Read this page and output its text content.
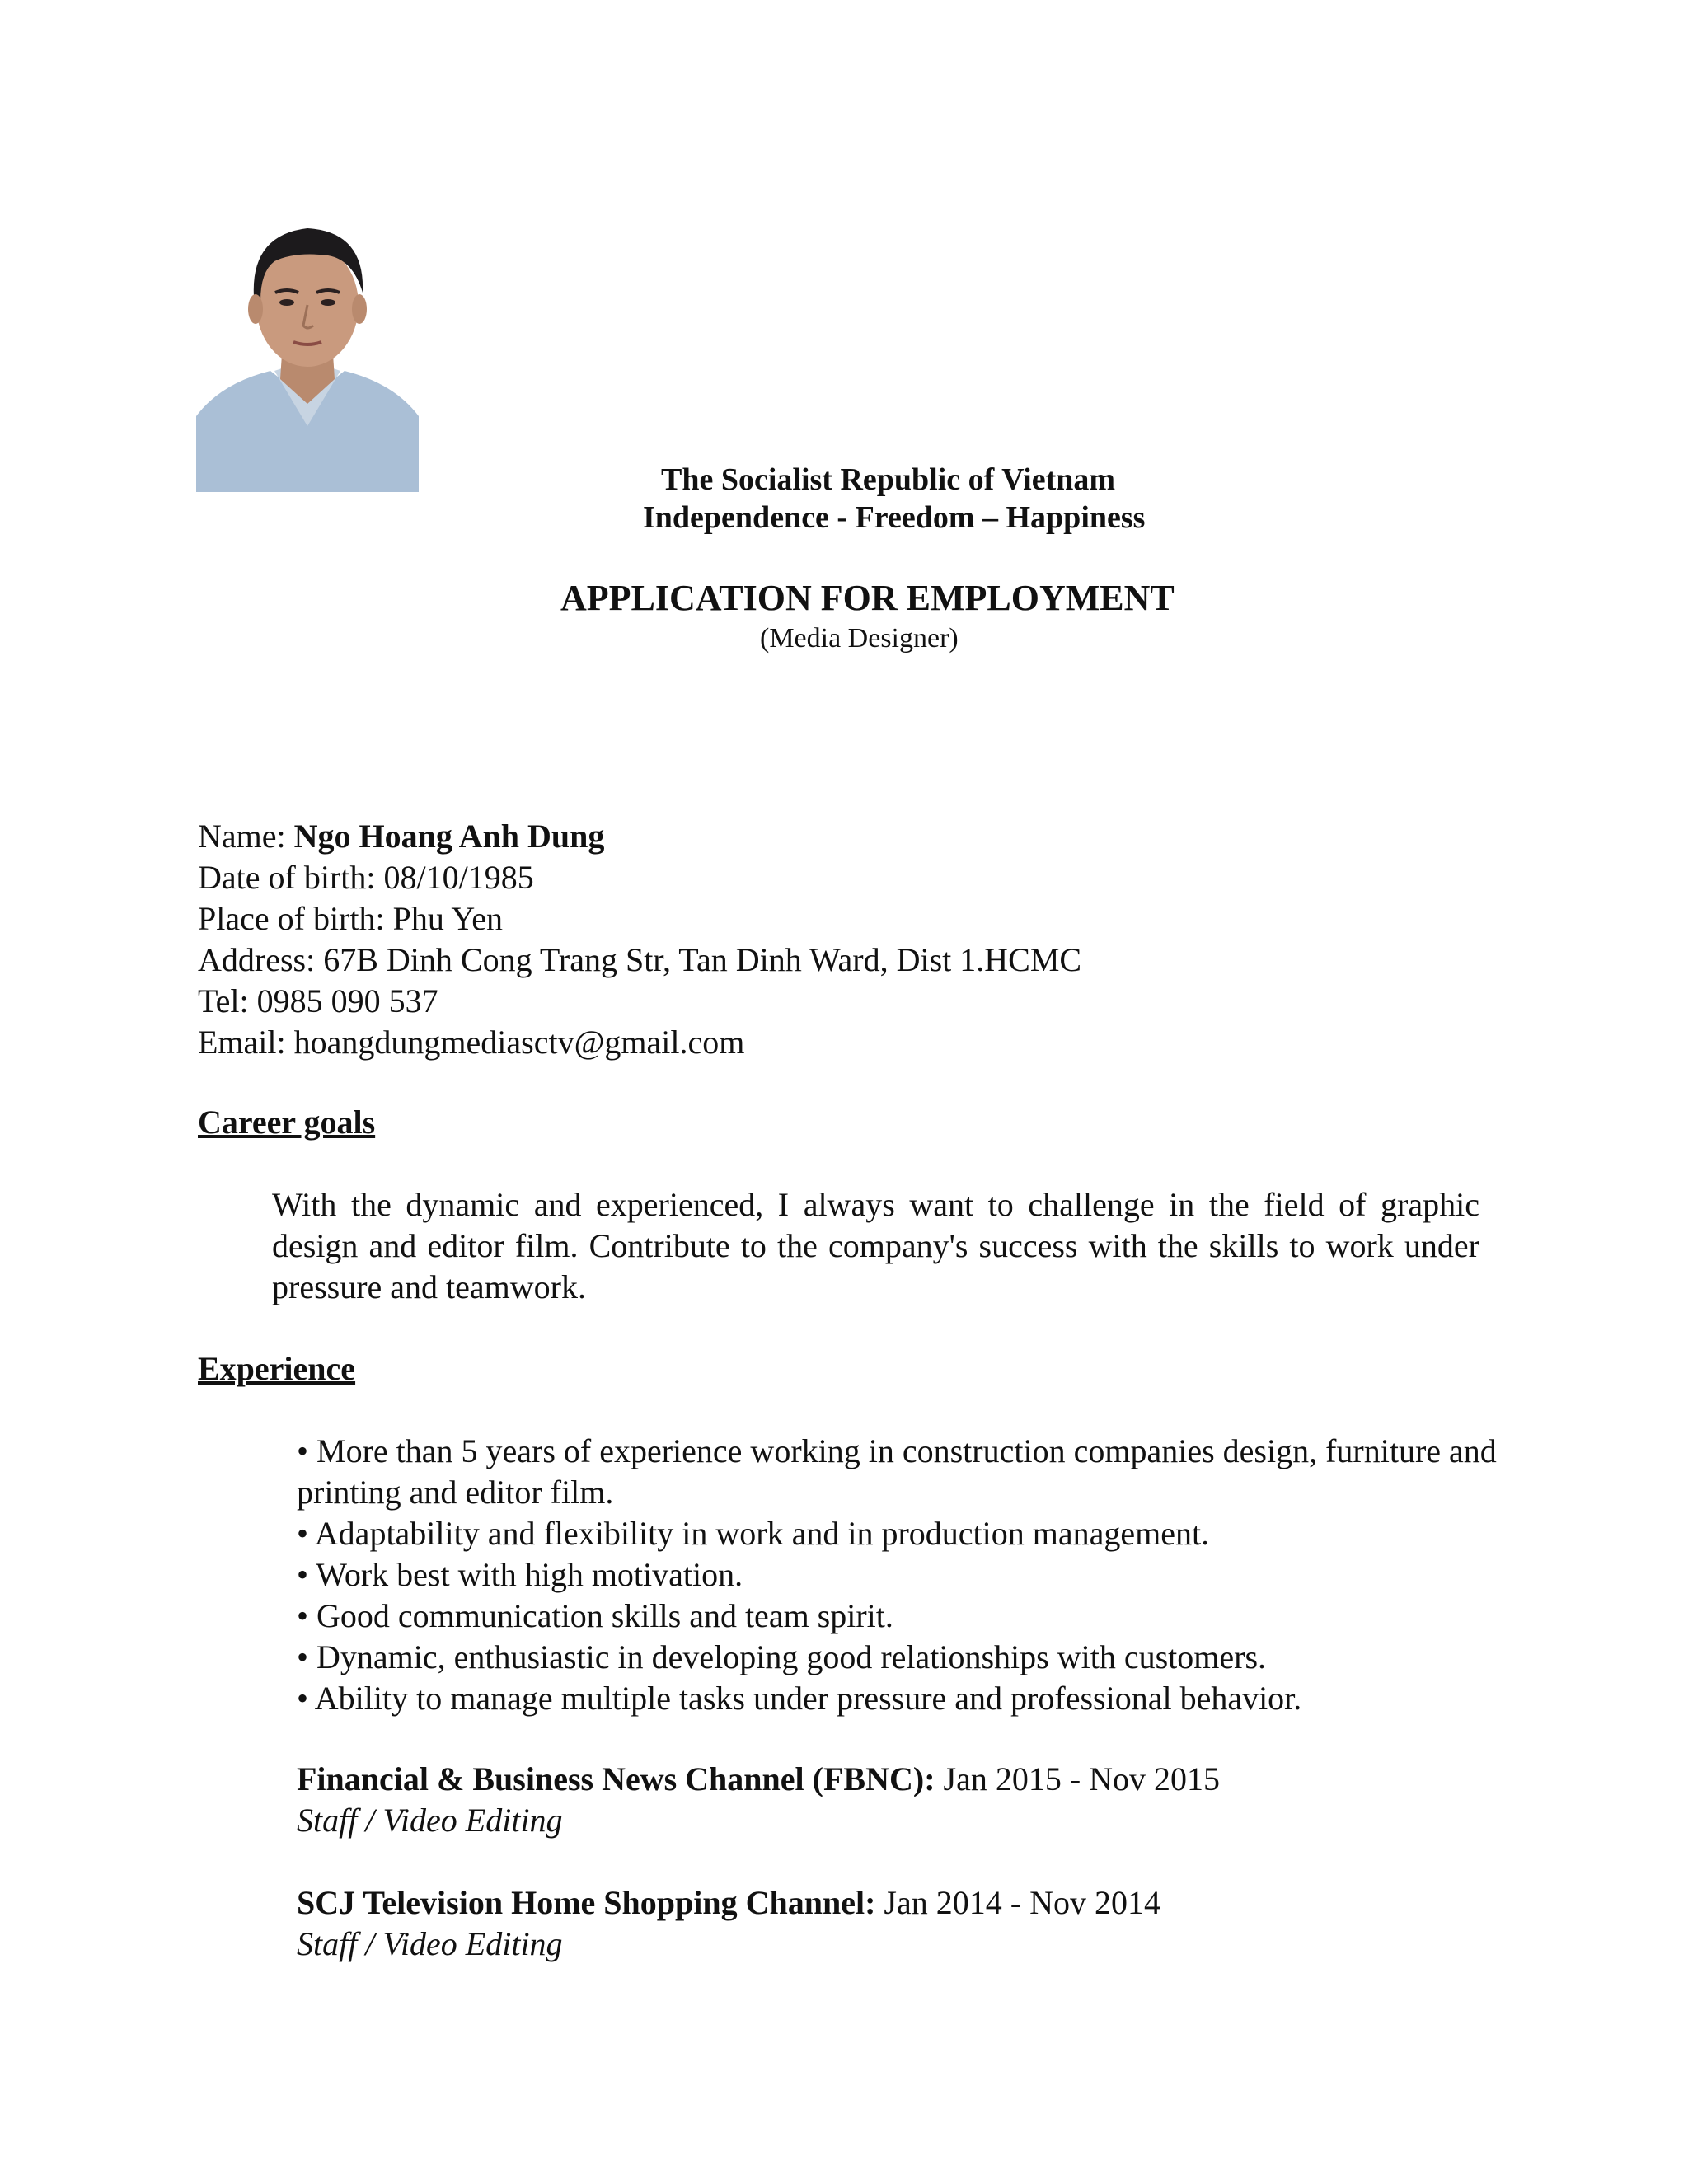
The Socialist Republic of Vietnam
Independence - Freedom – Happiness
APPLICATION FOR EMPLOYMENT
(Media Designer)
Name: Ngo Hoang Anh Dung
Date of birth: 08/10/1985
Place of birth: Phu Yen
Address: 67B Dinh Cong Trang Str, Tan Dinh Ward, Dist 1.HCMC
Tel: 0985 090 537
Email: hoangdungmediasctv@gmail.com
Career goals
With the dynamic and experienced, I always want to challenge in the field of graphic design and editor film. Contribute to the company's success with the skills to work under pressure and teamwork.
Experience
• More than 5 years of experience working in construction companies design, furniture and printing and editor film.
• Adaptability and flexibility in work and in production management.
• Work best with high motivation.
• Good communication skills and team spirit.
• Dynamic, enthusiastic in developing good relationships with customers.
• Ability to manage multiple tasks under pressure and professional behavior.
Financial & Business News Channel (FBNC): Jan 2015 - Nov 2015
Staff / Video Editing
SCJ Television Home Shopping Channel: Jan 2014 - Nov 2014
Staff / Video Editing
